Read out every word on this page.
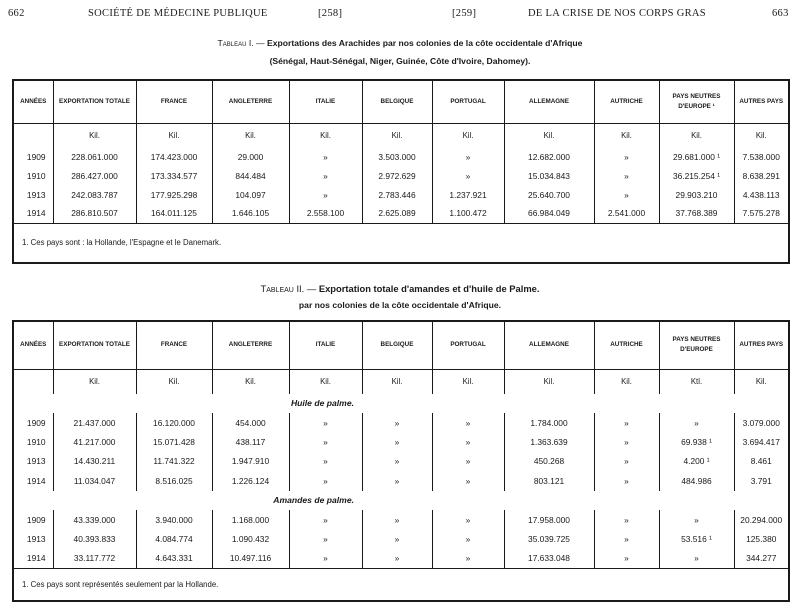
662	SOCIÉTÉ DE MÉDECINE PUBLIQUE	[258]	[259]	DE LA CRISE DE NOS CORPS GRAS	663
Tableau I. — Exportations des Arachides par nos colonies de la côte occidentale d'Afrique
(Sénégal, Haut-Sénégal, Niger, Guinée, Côte d'Ivoire, Dahomey).
ANNÉES	EXPORTATION TOTALE	FRANCE	ANGLETERRE	ITALIE	BELGIQUE	PORTUGAL	ALLEMAGNE	AUTRICHE	PAYS NEUTRES D'EUROPE ¹	AUTRES PAYS
	Kil.	Kil.	Kil.	Kil.	Kil.	Kil.	Kil.	Kil.	Kil.	Kil.
1909	228.061.000	174.423.000	29.000	»	3.503.000	»	12.682.000	»	29.681.000 ¹	7.538.000
1910	286.427.000	173.334.577	844.484	»	2.972.629	»	15.034.843	»	36.215.254 ¹	8.638.291
1913	242.083.787	177.925.298	104.097	»	2.783.446	1.237.921	25.640.700	»	29.903.210	4.438.113
1914	286.810.507	164.011.125	1.646.105	2.558.100	2.625.089	1.100.472	66.984.049	2.541.000	37.768.389	7.575.278
1. Ces pays sont : la Hollande, l'Espagne et le Danemark.										
Tableau II. — Exportation totale d'amandes et d'huile de Palme.
par nos colonies de la côte occidentale d'Afrique.
ANNÉES	EXPORTATION TOTALE	FRANCE	ANGLETERRE	ITALIE	BELGIQUE	PORTUGAL	ALLEMAGNE	AUTRICHE	PAYS NEUTRES D'EUROPE	AUTRES PAYS
	Kil.	Kil.	Kil.	Kil.	Kil.	Kil.	Kil.	Kil.	Ktl.	Kil.
Huile de palme.										
1909	21.437.000	16.120.000	454.000	»	»	»	1.784.000	»	»	3.079.000
1910	41.217.000	15.071.428	438.117	»	»	»	1.363.639	»	69.938 ¹	3.694.417
1913	14.430.211	11.741.322	1.947.910	»	»	»	450.268	»	4.200 ¹	8.461
1914	11.034.047	8.516.025	1.226.124	»	»	»	803.121	»	484.986	3.791
Amandes de palme.										
1909	43.339.000	3.940.000	1.168.000	»	»	»	17.958.000	»	»	20.294.000
1913	40.393.833	4.084.774	1.090.432	»	»	»	35.039.725	»	53.516 ¹	125.380
1914	33.117.772	4.643.331	10.497.116	»	»	»	17.633.048	»	»	344.277
1. Ces pays sont représentés seulement par la Hollande.										
